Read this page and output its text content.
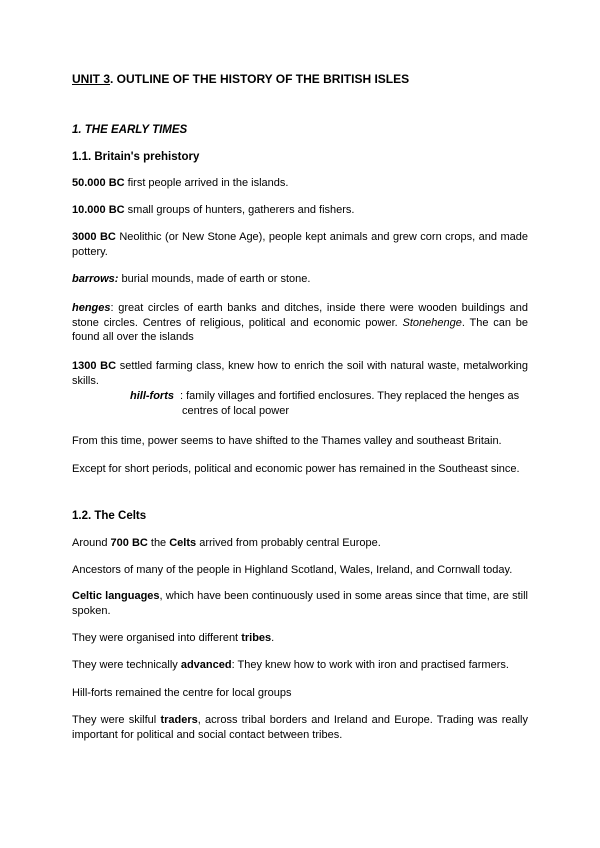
UNIT 3. OUTLINE OF THE HISTORY OF THE BRITISH ISLES

1. THE EARLY TIMES

1.1. Britain's prehistory

50.000 BC first people arrived in the islands.

10.000 BC small groups of hunters, gatherers and fishers.

3000 BC Neolithic (or New Stone Age), people kept animals and grew corn crops, and made pottery.

barrows: burial mounds, made of earth or stone.

henges: great circles of earth banks and ditches, inside there were wooden buildings and stone circles. Centres of religious, political and economic power. Stonehenge. The can be found all over the islands

1300 BC settled farming class, knew how to enrich the soil with natural waste, metalworking skills.

hill-forts : family villages and fortified enclosures. They replaced the henges as
centres of local power

From this time, power seems to have shifted to the Thames valley and southeast Britain.

Except for short periods, political and economic power has remained in the Southeast since.

1.2. The Celts

Around 700 BC the Celts arrived from probably central Europe.

Ancestors of many of the people in Highland Scotland, Wales, Ireland, and Cornwall today.

Celtic languages, which have been continuously used in some areas since that time, are still spoken.

They were organised into different tribes.

They were technically advanced: They knew how to work with iron and practised farmers.

Hill-forts remained the centre for local groups

They were skilful traders, across tribal borders and Ireland and Europe. Trading was really important for political and social contact between tribes.
